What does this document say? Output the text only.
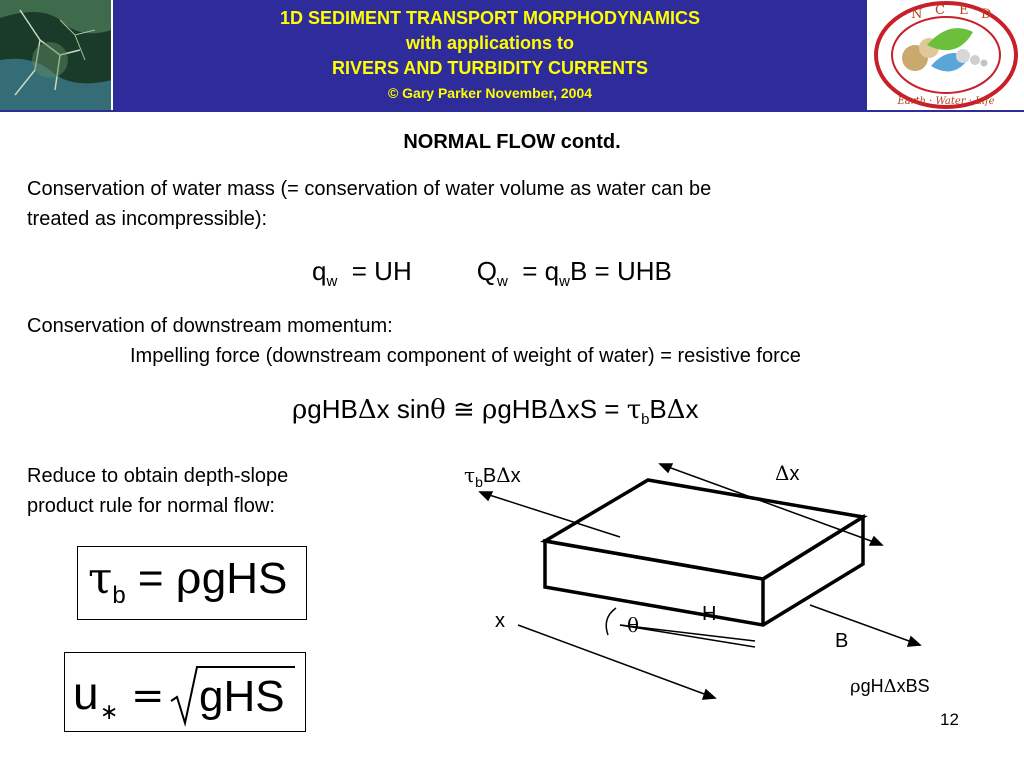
1D SEDIMENT TRANSPORT MORPHODYNAMICS
with applications to
RIVERS AND TURBIDITY CURRENTS
© Gary Parker November, 2004
N C E D
Earth · Water · Life
NORMAL FLOW contd.
Conservation of water mass (= conservation of water volume as water can be
treated as incompressible):
$q_w$  = UH         $Q_w = q_wB$ = UHB
Conservation of downstream momentum:
Impelling force (downstream component of weight of water) = resistive force
ρgHBΔx sinθ ≅ $\rho gHB\Delta xS = \tau_bB\Delta x$
Reduce to obtain depth-slope
product rule for normal flow:
$\tau_b = \rho gHS$
u ∗ = gHS
$\tau_bB\Delta x$	Δx
x	θ	H
B
ρgHΔxBS
12
